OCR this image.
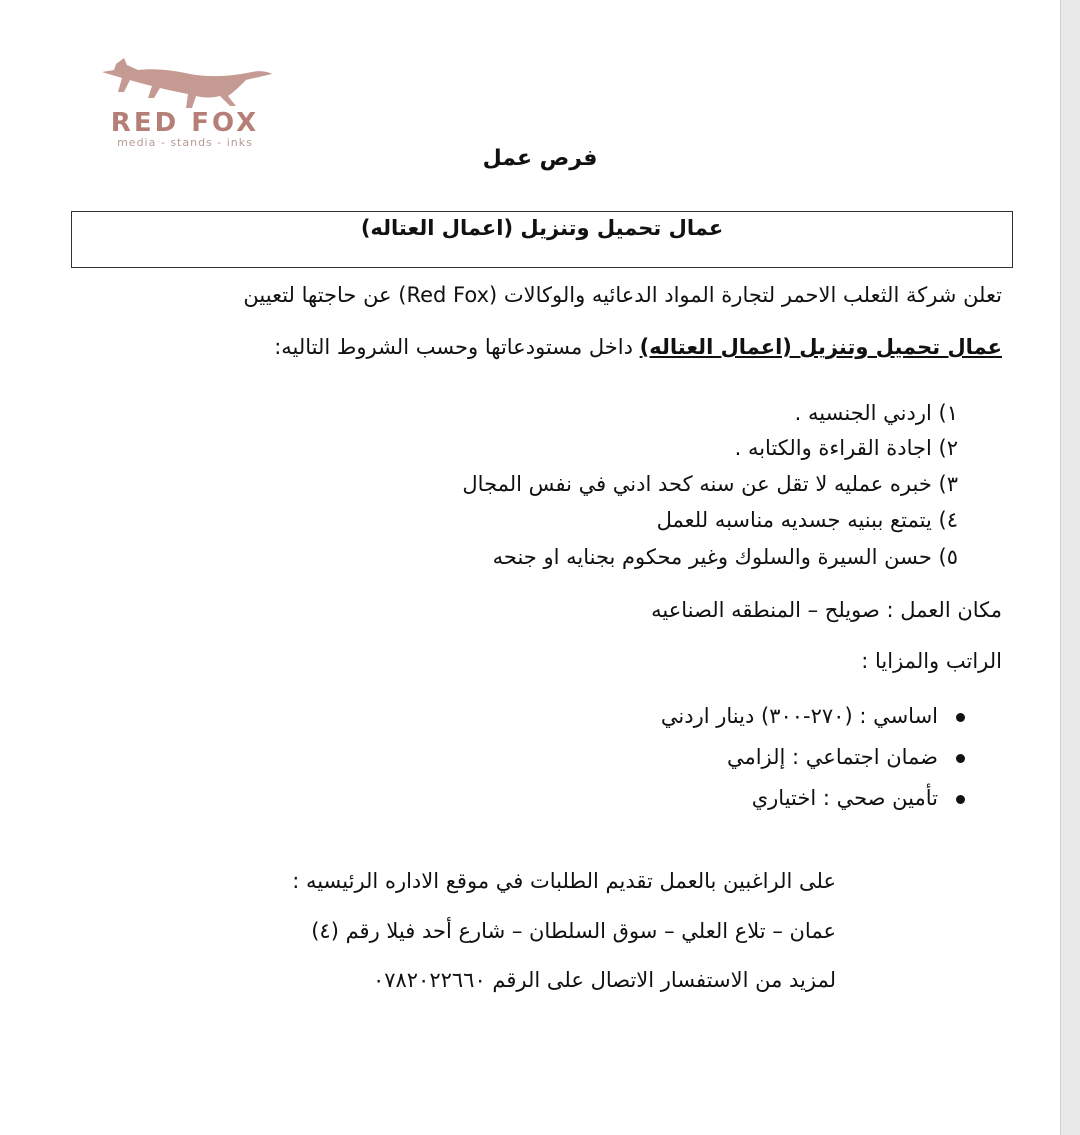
RED FOX
media - stands - inks
فرص عمل
عمال تحميل وتنزيل (اعمال العتاله)
تعلن شركة الثعلب الاحمر لتجارة المواد الدعائيه والوكالات (Red Fox) عن حاجتها لتعيين
عمال تحميل وتنزيل (اعمال العتاله) داخل مستودعاتها وحسب الشروط التاليه:
١) اردني الجنسيه .
٢) اجادة القراءة والكتابه .
٣) خبره عمليه لا تقل عن سنه كحد ادني في نفس المجال
٤) يتمتع ببنيه جسديه مناسبه للعمل
٥) حسن السيرة والسلوك وغير محكوم بجنايه او جنحه
مكان العمل : صويلح – المنطقه الصناعيه
الراتب والمزايا :
اساسي : (٢٧٠-٣٠٠) دينار اردني
ضمان اجتماعي : إلزامي
تأمين صحي : اختياري
على الراغبين بالعمل تقديم الطلبات في موقع الاداره الرئيسيه :
عمان – تلاع العلي – سوق السلطان – شارع أحد فيلا رقم (٤)
لمزيد من الاستفسار الاتصال على الرقم ٠٧٨٢٠٢٢٦٦٠
